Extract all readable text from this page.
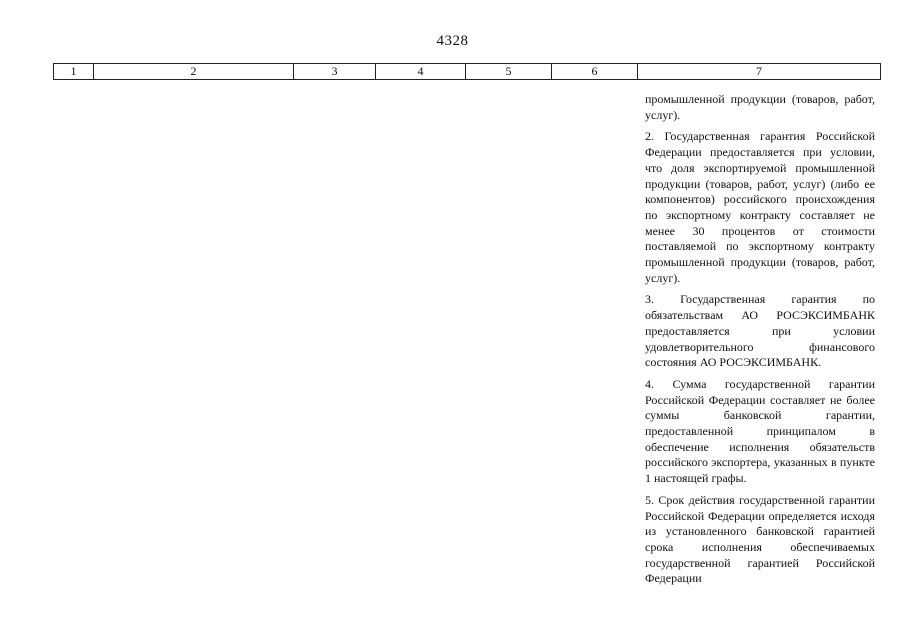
4328
1	2	3	4	5	6	7

промышленной продукции (товаров, работ, услуг).

2. Государственная гарантия Российской Федерации предоставляется при условии, что доля экспортируемой промышленной продукции (товаров, работ, услуг) (либо ее компонентов) российского происхождения по экспортному контракту составляет не менее 30 процентов от стоимости поставляемой по экспортному контракту промышленной продукции (товаров, работ, услуг).

3. Государственная гарантия по обязательствам АО РОСЭКСИМБАНК предоставляется при условии удовлетворительного финансового состояния АО РОСЭКСИМБАНК.

4. Сумма государственной гарантии Российской Федерации составляет не более суммы банковской гарантии, предоставленной принципалом в обеспечение исполнения обязательств российского экспортера, указанных в пункте 1 настоящей графы.

5. Срок действия государственной гарантии Российской Федерации определяется исходя из установленного банковской гарантией срока исполнения обеспечиваемых государственной гарантией Российской Федерации
